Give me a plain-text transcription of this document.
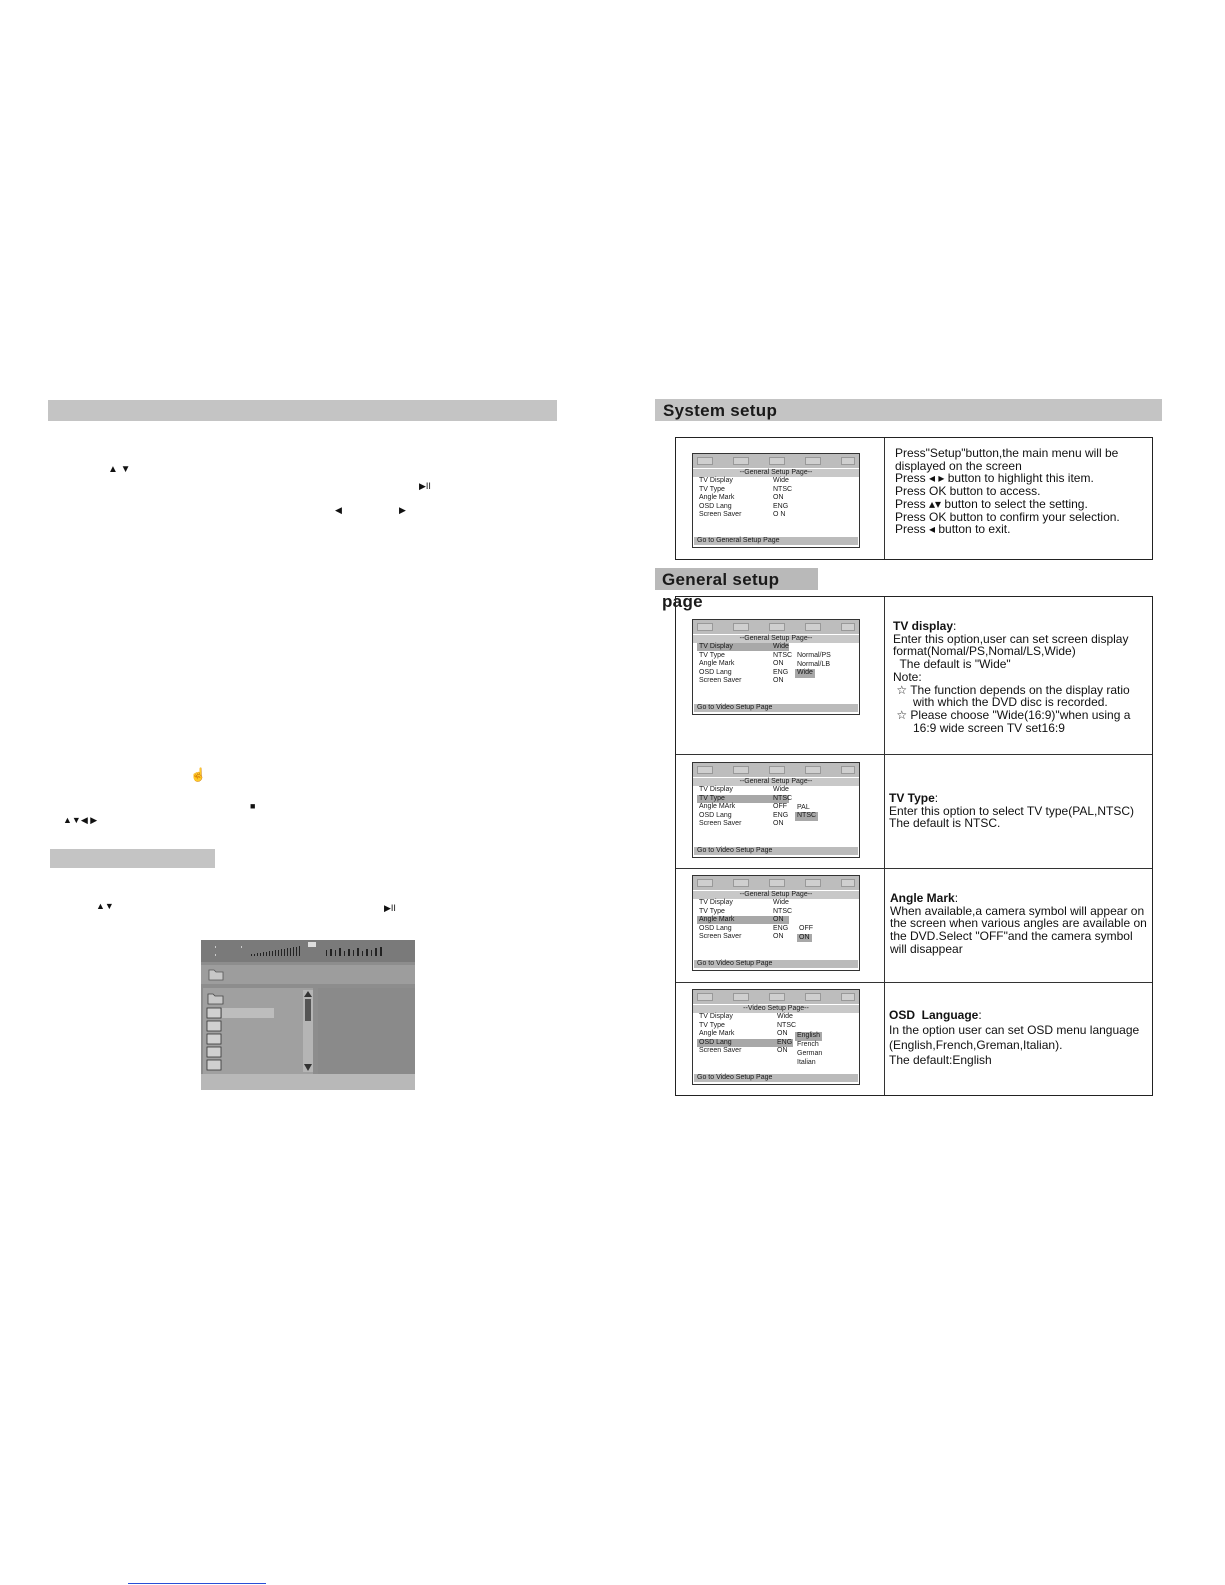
▲ ▼
▶II
◀	▶
☝
■
▲▼◀ ▶
▲▼	▶II
System setup
--General Setup Page--
TV Display	Wide
TV Type	NTSC
Angle Mark	ON
OSD Lang	ENG
Screen Saver	O N
Go to General Setup Page
Press"Setup"button,the main menu will be
displayed on the screen
Press ◂ ▸ button to highlight this item.
Press OK button to access.
Press ▴▾ button to select the setting.
Press OK button to confirm your selection.
Press ◂ button to exit.
General setup page
--General Setup Page--
TV Display	Wide
TV Type	NTSC
Angle Mark	ON
OSD Lang	ENG
Screen Saver	ON
Normal/PS
Normal/LB
Wide
Go to Video Setup Page
TV display:
Enter this option,user can set screen display
format(Nomal/PS,Nomal/LS,Wide)
The default is "Wide"
Note:
☆ The function depends on the display ratio
with which the DVD disc is recorded.
☆ Please choose "Wide(16:9)"when using a
16:9 wide screen TV set16:9
--General Setup Page--
TV Display	Wide
TV Type	NTSC
Angle MArk	OFF
OSD Lang	ENG
Screen Saver	ON
PAL
NTSC
Go to Video Setup Page
TV Type:
Enter this option to select TV type(PAL,NTSC)
The default is NTSC.
--General Setup Page--
TV Display	Wide
TV Type	NTSC
Angle Mark	ON
OSD Lang	ENG
Screen Saver	ON
OFF
ON
Go to Video Setup Page
Angle Mark:
When available,a camera symbol will appear on
the screen when various angles are available on
the DVD.Select "OFF"and the camera symbol
will disappear
--Video Setup Page--
TV Display	Wide
TV Type	NTSC
Angle Mark	ON
OSD Lang	ENG
Screen Saver	ON
English
French
German
Italian
Go to Video Setup Page
OSD  Language:
In the option user can set OSD menu language
(English,French,Greman,Italian).
The default:English
